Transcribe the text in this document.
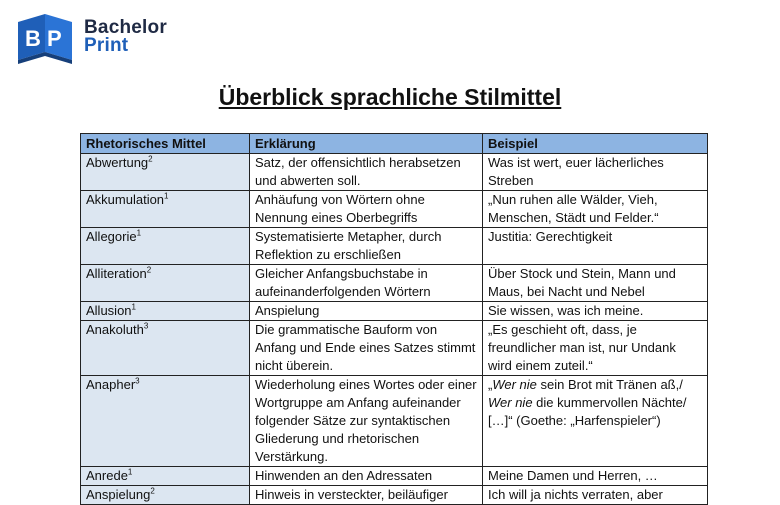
B P Bachelor
Print
Überblick sprachliche Stilmittel
Rhetorisches Mittel	Erklärung	Beispiel
Abwertung$^2$	Satz, der offensichtlich herabsetzen und abwerten soll.	Was ist wert, euer lächerliches Streben
Akkumulation$^1$	Anhäufung von Wörtern ohne Nennung eines Oberbegriffs	„Nun ruhen alle Wälder, Vieh, Menschen, Städt und Felder.“
Allegorie$^1$	Systematisierte Metapher, durch Reflektion zu erschließen	Justitia: Gerechtigkeit
Alliteration$^2$	Gleicher Anfangsbuchstabe in aufeinanderfolgenden Wörtern	Über Stock und Stein, Mann und Maus, bei Nacht und Nebel
Allusion$^1$	Anspielung	Sie wissen, was ich meine.
Anakoluth$^3$	Die grammatische Bauform von Anfang und Ende eines Satzes stimmt nicht überein.	„Es geschieht oft, dass, je freundlicher man ist, nur Undank wird einem zuteil.“
Anapher$^3$	Wiederholung eines Wortes oder einer Wortgruppe am Anfang aufeinander folgender Sätze zur syntaktischen Gliederung und rhetorischen Verstärkung.	„Wer nie sein Brot mit Tränen aß,/ Wer nie die kummervollen Nächte/ […]“ (Goethe: „Harfenspieler“)
Anrede$^1$	Hinwenden an den Adressaten	Meine Damen und Herren, …
Anspielung$^2$	Hinweis in versteckter, beiläufiger	Ich will ja nichts verraten, aber
